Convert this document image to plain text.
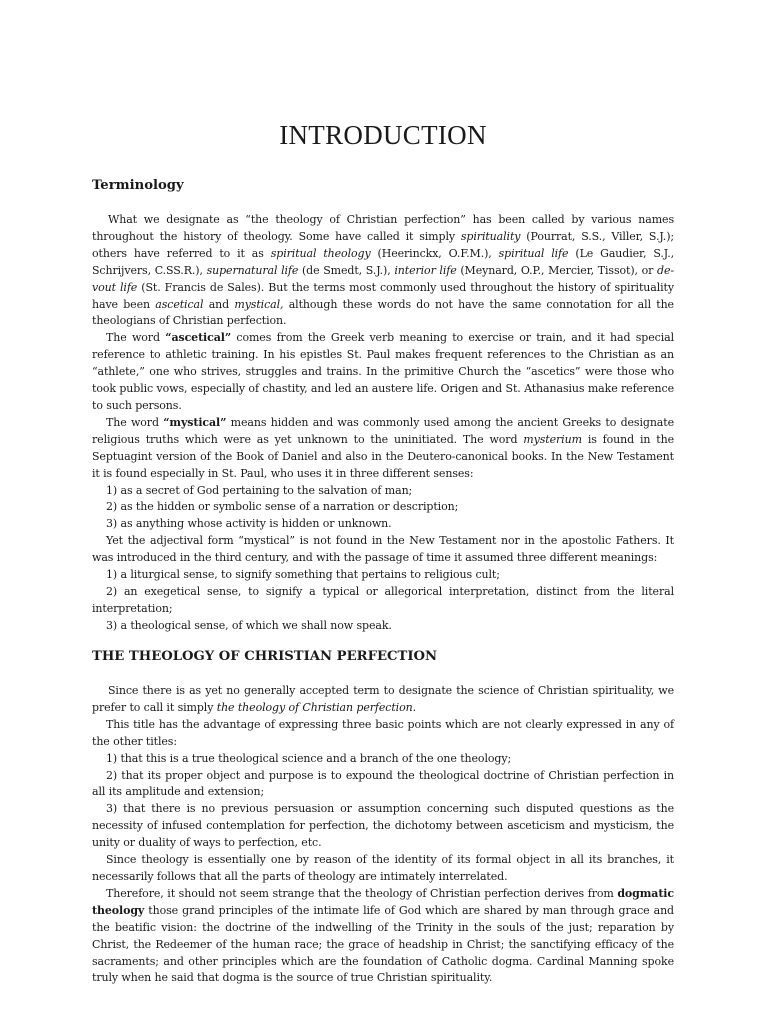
INTRODUCTION
Terminology

What we designate as “the theology of Christian perfection” has been called by various names throughout the history of theology. Some have called it simply spirituality (Pourrat, S.S., Viller, S.J.); others have referred to it as spiritual theology (Heerinckx, O.F.M.), spiritual life (Le Gaudier, S.J., Schrijvers, C.SS.R.), supernatural life (de Smedt, S.J.), interior life (Meynard, O.P., Mercier, Tissot), or de-vout life (St. Francis de Sales). But the terms most commonly used throughout the history of spirituality have been ascetical and mystical, although these words do not have the same connotation for all the theologians of Christian perfection.

The word “ascetical” comes from the Greek verb meaning to exercise or train, and it had special reference to athletic training. In his epistles St. Paul makes frequent references to the Christian as an “athlete,” one who strives, struggles and trains. In the primitive Church the “ascetics” were those who took public vows, especially of chastity, and led an austere life. Origen and St. Athanasius make reference to such persons.

The word “mystical” means hidden and was commonly used among the ancient Greeks to designate religious truths which were as yet unknown to the uninitiated. The word mysterium is found in the Septuagint version of the Book of Daniel and also in the Deutero-canonical books. In the New Testament it is found especially in St. Paul, who uses it in three different senses:

1) as a secret of God pertaining to the salvation of man;

2) as the hidden or symbolic sense of a narration or description;

3) as anything whose activity is hidden or unknown.

Yet the adjectival form “mystical” is not found in the New Testament nor in the apostolic Fathers. It was introduced in the third century, and with the passage of time it assumed three different meanings:

1) a liturgical sense, to signify something that pertains to religious cult;

2) an exegetical sense, to signify a typical or allegorical interpretation, distinct from the literal interpretation;

3) a theological sense, of which we shall now speak.

THE THEOLOGY OF CHRISTIAN PERFECTION

Since there is as yet no generally accepted term to designate the science of Christian spirituality, we prefer to call it simply the theology of Christian perfection.

This title has the advantage of expressing three basic points which are not clearly expressed in any of the other titles:

1) that this is a true theological science and a branch of the one theology;

2) that its proper object and purpose is to expound the theological doctrine of Christian perfection in all its amplitude and extension;

3) that there is no previous persuasion or assumption concerning such disputed questions as the necessity of infused contemplation for perfection, the dichotomy between asceticism and mysticism, the unity or duality of ways to perfection, etc.

Since theology is essentially one by reason of the identity of its formal object in all its branches, it necessarily follows that all the parts of theology are intimately interrelated.

Therefore, it should not seem strange that the theology of Christian perfection derives from dogmatic theology those grand principles of the intimate life of God which are shared by man through grace and the beatific vision: the doctrine of the indwelling of the Trinity in the souls of the just; reparation by Christ, the Redeemer of the human race; the grace of headship in Christ; the sanctifying efficacy of the sacraments; and other principles which are the foundation of Catholic dogma. Cardinal Manning spoke truly when he said that dogma is the source of true Christian spirituality.
